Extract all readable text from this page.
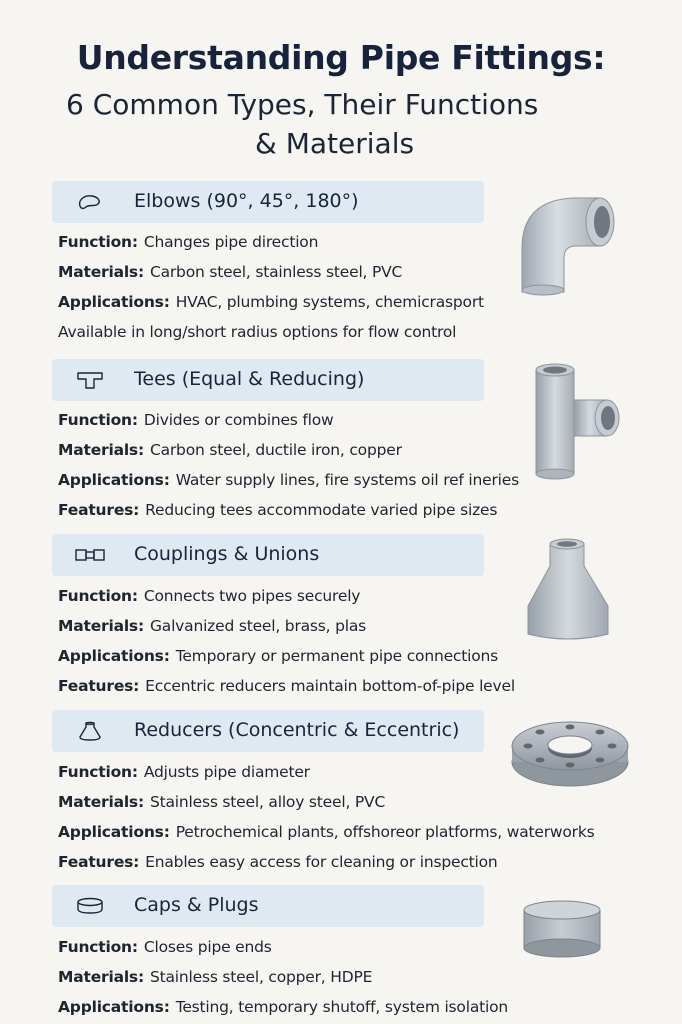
Understanding Pipe Fittings:
6 Common Types, Their Functions
& Materials
Elbows (90°, 45°, 180°)
Function: Changes pipe direction
Materials: Carbon steel, stainless steel, PVC
Applications: HVAC, plumbing systems, chemicrasport
Available in long/short radius options for flow control
Tees (Equal & Reducing)
Function: Divides or combines flow
Materials: Carbon steel, ductile iron, copper
Applications: Water supply lines, fire systems oil ref ineries
Features: Reducing tees accommodate varied pipe sizes
Couplings & Unions
Function: Connects two pipes securely
Materials: Galvanized steel, brass, plas
Applications: Temporary or permanent pipe connections
Features: Eccentric reducers maintain bottom-of-pipe level
Reducers (Concentric & Eccentric)
Function: Adjusts pipe diameter
Materials: Stainless steel, alloy steel, PVC
Applications: Petrochemical plants, offshoreor platforms, waterworks
Features: Enables easy access for cleaning or inspection
Caps & Plugs
Function: Closes pipe ends
Materials: Stainless steel, copper, HDPE
Applications: Testing, temporary shutoff, system isolation
